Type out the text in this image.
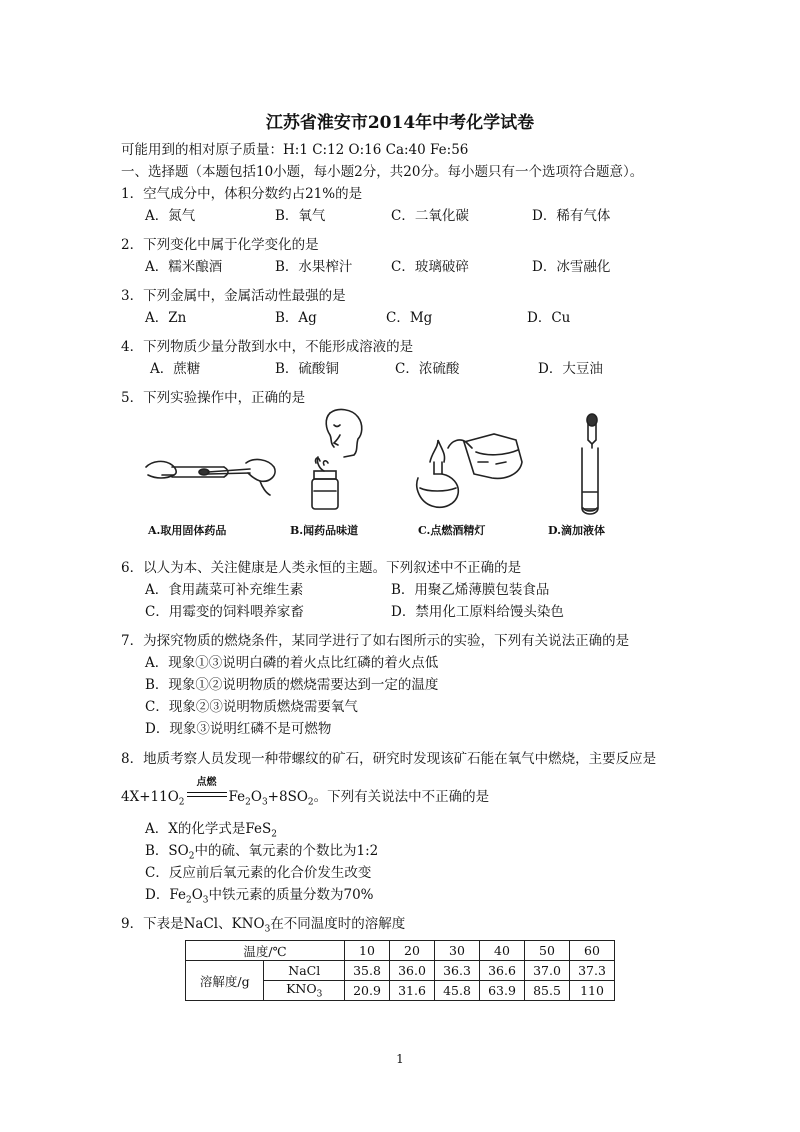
江苏省淮安市2014年中考化学试卷
可能用到的相对原子质量：H:1 C:12 O:16 Ca:40 Fe:56
一、选择题（本题包括10小题，每小题2分，共20分。每小题只有一个选项符合题意）。
1．空气成分中，体积分数约占21%的是
A．氮气	B．氧气	C．二氧化碳	D．稀有气体
2．下列变化中属于化学变化的是
A．糯米酿酒	B．水果榨汁	C．玻璃破碎	D．冰雪融化
3．下列金属中，金属活动性最强的是
A．Zn	B．Ag	C．Mg	D．Cu
4．下列物质少量分散到水中，不能形成溶液的是
A．蔗糖	B．硫酸铜	C．浓硫酸	D．大豆油
5．下列实验操作中，正确的是
A.取用固体药品	B.闻药品味道	C.点燃酒精灯	D.滴加液体
6．以人为本、关注健康是人类永恒的主题。下列叙述中不正确的是
A．食用蔬菜可补充维生素	B．用聚乙烯薄膜包装食品
C．用霉变的饲料喂养家畜	D．禁用化工原料给馒头染色
7．为探究物质的燃烧条件，某同学进行了如右图所示的实验，下列有关说法正确的是
A．现象①③说明白磷的着火点比红磷的着火点低
B．现象①②说明物质的燃烧需要达到一定的温度
C．现象②③说明物质燃烧需要氧气
D．现象③说明红磷不是可燃物
8．地质考察人员发现一种带螺纹的矿石，研究时发现该矿石能在氧气中燃烧，主要反应是
$4X+11O_2$
点燃
$Fe_2O_3+8SO_2$。下列有关说法中不正确的是
A．X的化学式是FeS$_2$
B．$SO_2$中的硫、氧元素的个数比为1:2
C．反应前后氧元素的化合价发生改变
D．$Fe_2O_3$中铁元素的质量分数为70%
9．下表是NaCl、$KNO_3$在不同温度时的溶解度
温度/℃		10	20	30	40	50	60
溶解度/g	NaCl	35.8	36.0	36.3	36.6	37.0	37.3
	$KNO_3$	20.9	31.6	45.8	63.9	85.5	110
1
